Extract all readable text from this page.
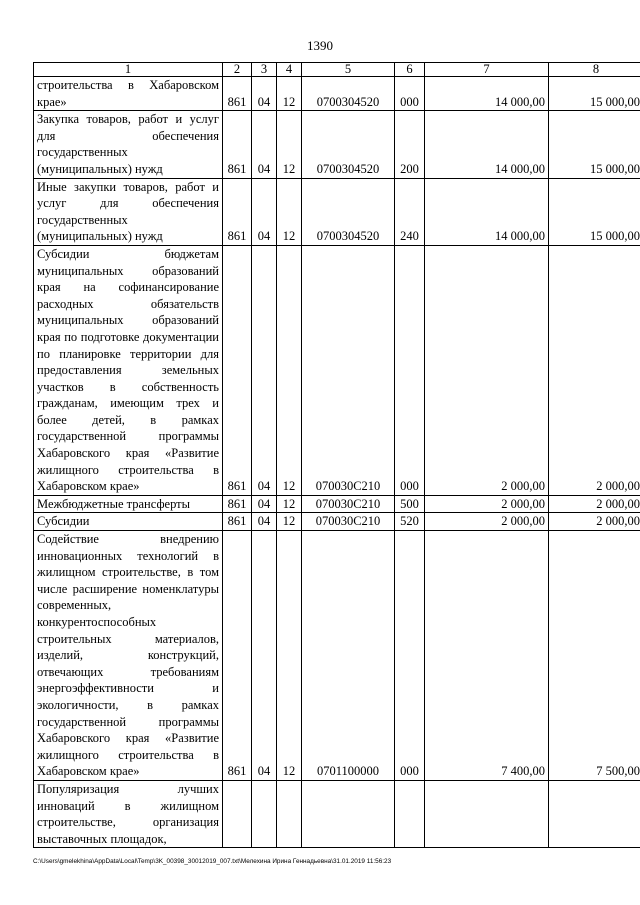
1390
1	2	3	4	5	6	7	8
строительства в Хабаровском крае»	861	04	12	0700304520	000	14 000,00	15 000,00
Закупка товаров, работ и услуг для обеспечения государственных (муниципальных) нужд	861	04	12	0700304520	200	14 000,00	15 000,00
Иные закупки товаров, работ и услуг для обеспечения государственных (муниципальных) нужд	861	04	12	0700304520	240	14 000,00	15 000,00
Субсидии бюджетам муниципальных образований края на софинансирование расходных обязательств муниципальных образований края по подготовке документации по планировке территории для предоставления земельных участков в собственность гражданам, имеющим трех и более детей, в рамках государственной программы Хабаровского края «Развитие жилищного строительства в Хабаровском крае»	861	04	12	070030С210	000	2 000,00	2 000,00
Межбюджетные трансферты	861	04	12	070030С210	500	2 000,00	2 000,00
Субсидии	861	04	12	070030С210	520	2 000,00	2 000,00
Содействие внедрению инновационных технологий в жилищном строительстве, в том числе расширение номенклатуры современных, конкурентоспособных строительных материалов, изделий, конструкций, отвечающих требованиям энергоэффективности и экологичности, в рамках государственной программы Хабаровского края «Развитие жилищного строительства в Хабаровском крае»	861	04	12	0701100000	000	7 400,00	7 500,00
Популяризация лучших инноваций в жилищном строительстве, организация выставочных площадок,							
C:\Users\gmelekhina\AppData\Local\Temp\3K_00398_30012019_007.txt\Мелехина Ирина Геннадьевна\31.01.2019 11:56:23
